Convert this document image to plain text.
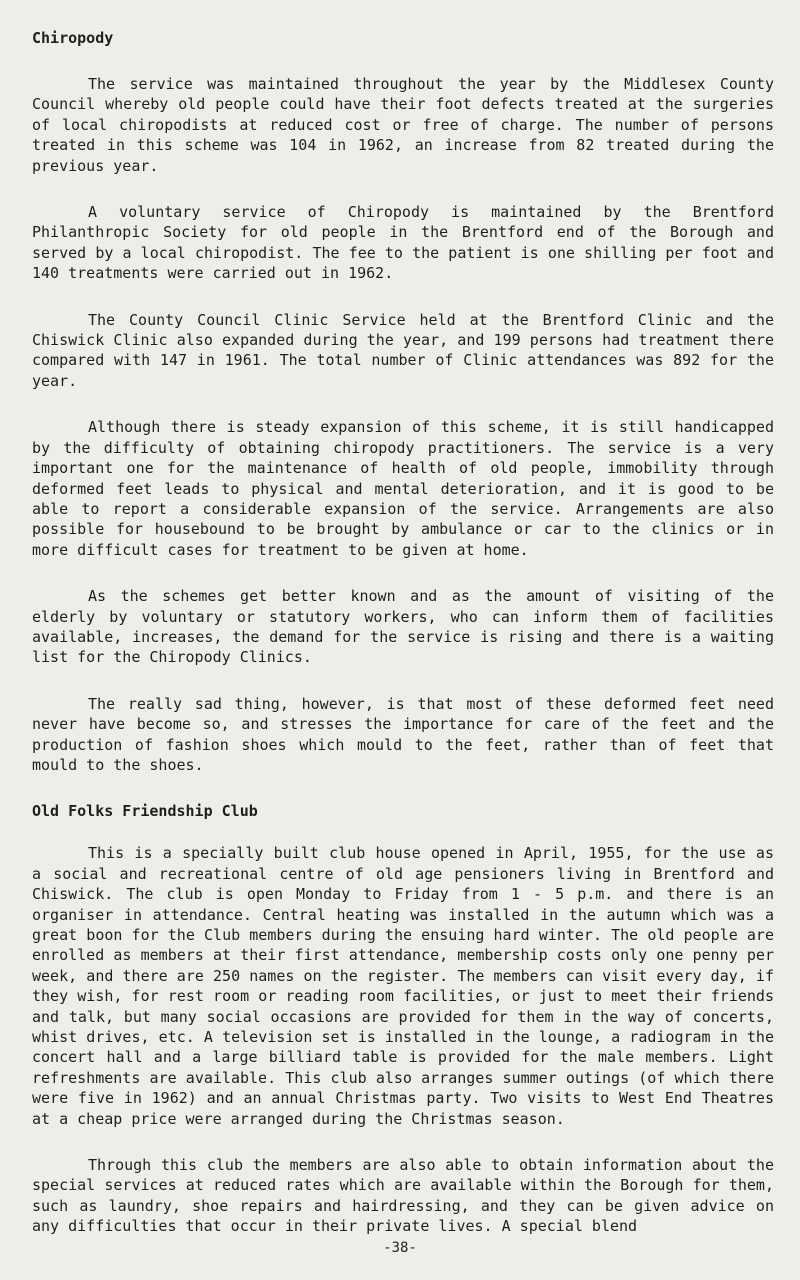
Chiropody

The service was maintained throughout the year by the Middlesex County Council whereby old people could have their foot defects treated at the surgeries of local chiropodists at reduced cost or free of charge. The number of persons treated in this scheme was 104 in 1962, an increase from 82 treated during the previous year.

A voluntary service of Chiropody is maintained by the Brentford Philanthropic Society for old people in the Brentford end of the Borough and served by a local chiropodist. The fee to the patient is one shilling per foot and 140 treatments were carried out in 1962.

The County Council Clinic Service held at the Brentford Clinic and the Chiswick Clinic also expanded during the year, and 199 persons had treatment there compared with 147 in 1961. The total number of Clinic attendances was 892 for the year.

Although there is steady expansion of this scheme, it is still handicapped by the difficulty of obtaining chiropody practitioners. The service is a very important one for the maintenance of health of old people, immobility through deformed feet leads to physical and mental deterioration, and it is good to be able to report a considerable expansion of the service. Arrangements are also possible for housebound to be brought by ambulance or car to the clinics or in more difficult cases for treatment to be given at home.

As the schemes get better known and as the amount of visiting of the elderly by voluntary or statutory workers, who can inform them of facilities available, increases, the demand for the service is rising and there is a waiting list for the Chiropody Clinics.

The really sad thing, however, is that most of these deformed feet need never have become so, and stresses the importance for care of the feet and the production of fashion shoes which mould to the feet, rather than of feet that mould to the shoes.

Old Folks Friendship Club

This is a specially built club house opened in April, 1955, for the use as a social and recreational centre of old age pensioners living in Brentford and Chiswick. The club is open Monday to Friday from 1 - 5 p.m. and there is an organiser in attendance. Central heating was installed in the autumn which was a great boon for the Club members during the ensuing hard winter. The old people are enrolled as members at their first attendance, membership costs only one penny per week, and there are 250 names on the register. The members can visit every day, if they wish, for rest room or reading room facilities, or just to meet their friends and talk, but many social occasions are provided for them in the way of concerts, whist drives, etc. A television set is installed in the lounge, a radiogram in the concert hall and a large billiard table is provided for the male members. Light refreshments are available. This club also arranges summer outings (of which there were five in 1962) and an annual Christmas party. Two visits to West End Theatres at a cheap price were arranged during the Christmas season.

Through this club the members are also able to obtain information about the special services at reduced rates which are available within the Borough for them, such as laundry, shoe repairs and hairdressing, and they can be given advice on any difficulties that occur in their private lives. A special blend

-38-
